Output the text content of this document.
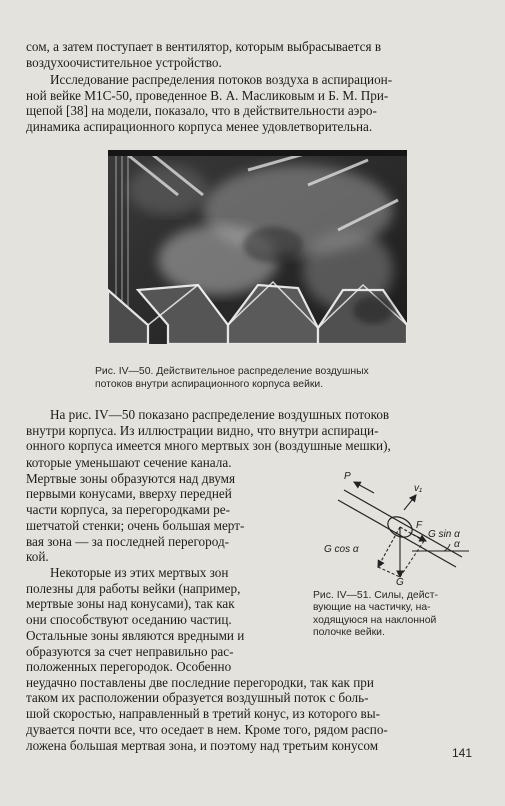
сом, а затем поступает в вентилятор, которым выбрасывается в
воздухоочистительное устройство.
Исследование распределения потоков воздуха в аспирацион-
ной вейке М1С-50, проведенное В. А. Масликовым и Б. М. При-
щепой [38] на модели, показало, что в действительности аэро-
динамика аспирационного корпуса менее удовлетворительна.
Рис. IV—50. Действительное распределение воздушных
потоков внутри аспирационного корпуса вейки.
На рис. IV—50 показано распределение воздушных потоков
внутри корпуса. Из иллюстрации видно, что внутри аспираци-
онного корпуса имеется много мертвых зон (воздушные мешки),
которые уменьшают сечение канала.
Мертвые зоны образуются над двумя
первыми конусами, вверху передней
части корпуса, за перегородками ре-
шетчатой стенки; очень большая мерт-
вая зона — за последней перегород-
кой.
Некоторые из этих мертвых зон
полезны для работы вейки (например,
мертвые зоны над конусами), так как
они способствуют оседанию частиц.
Остальные зоны являются вредными и
образуются за счет неправильно рас-
положенных перегородок. Особенно
неудачно поставлены две последние перегородки, так как при
таком их расположении образуется воздушный поток с боль-
шой скоростью, направленный в третий конус, из которого вы-
дувается почти все, что оседает в нем. Кроме того, рядом распо-
ложена большая мертвая зона, и поэтому над третьим конусом
P
v₁
F
G sin α
G cos α	α
G
Рис. IV—51. Силы, дейст-
вующие на частичку, на-
ходящуюся на наклонной
полочке вейки.
141
